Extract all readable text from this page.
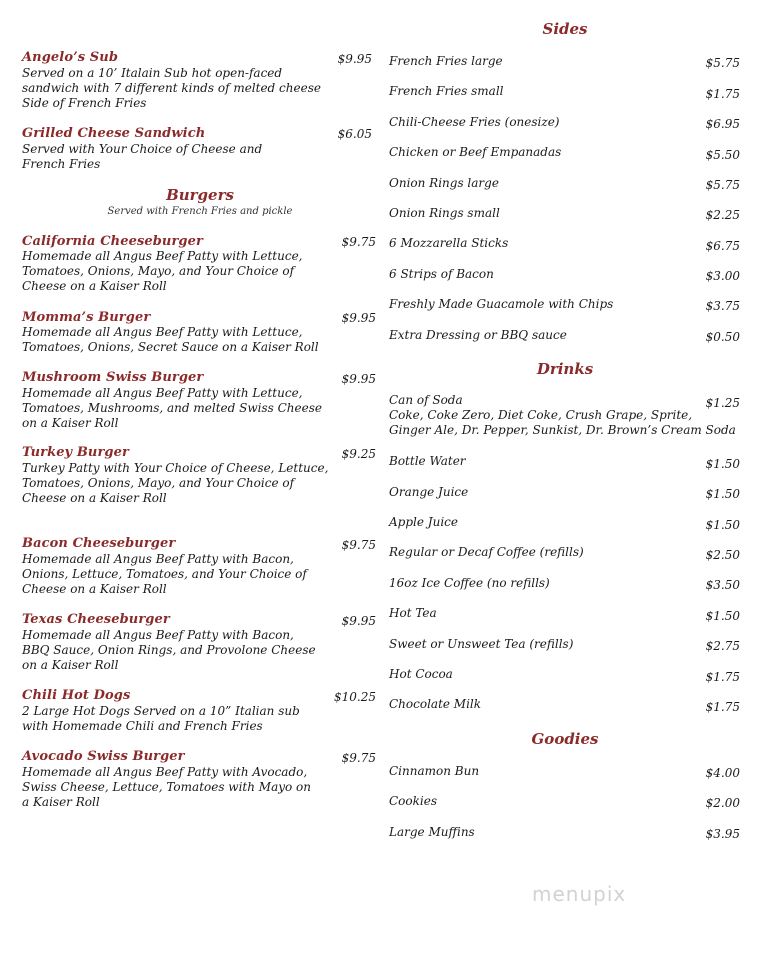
Angelo’s Sub	$9.95
Served on a 10’ Italain Sub hot open-faced
sandwich with 7 different kinds of melted cheese
Side of French Fries
Grilled Cheese Sandwich	$6.05
Served with Your Choice of Cheese and
French Fries
Burgers
Served with French Fries and pickle
California Cheeseburger	$9.75
Homemade all Angus Beef Patty with Lettuce,
Tomatoes, Onions, Mayo, and Your Choice of
Cheese on a Kaiser Roll
Momma’s Burger	$9.95
Homemade all Angus Beef Patty with Lettuce,
Tomatoes, Onions, Secret Sauce on a Kaiser Roll
Mushroom Swiss Burger	$9.95
Homemade all Angus Beef Patty with Lettuce,
Tomatoes, Mushrooms, and melted Swiss Cheese
on a Kaiser Roll
Turkey Burger	$9.25
Turkey Patty with Your Choice of Cheese, Lettuce,
Tomatoes, Onions, Mayo, and Your Choice of
Cheese on a Kaiser Roll
Bacon Cheeseburger	$9.75
Homemade all Angus Beef Patty with Bacon,
Onions, Lettuce, Tomatoes, and Your Choice of
Cheese on a Kaiser Roll
Texas Cheeseburger	$9.95
Homemade all Angus Beef Patty with Bacon,
BBQ Sauce, Onion Rings, and Provolone Cheese
on a Kaiser Roll
Chili Hot Dogs	$10.25
2 Large Hot Dogs Served on a 10” Italian sub
with Homemade Chili and French Fries
Avocado Swiss Burger	$9.75
Homemade all Angus Beef Patty with Avocado,
Swiss Cheese, Lettuce, Tomatoes with Mayo on
a Kaiser Roll
Sides
French Fries large	$5.75
French Fries small	$1.75
Chili-Cheese Fries (onesize)	$6.95
Chicken or Beef Empanadas	$5.50
Onion Rings large	$5.75
Onion Rings small	$2.25
6 Mozzarella Sticks	$6.75
6 Strips of Bacon	$3.00
Freshly Made Guacamole with Chips	$3.75
Extra Dressing or BBQ sauce	$0.50
Drinks
Can of Soda	$1.25
Coke, Coke Zero, Diet Coke, Crush Grape, Sprite,
Ginger Ale, Dr. Pepper, Sunkist, Dr. Brown’s Cream Soda
Bottle Water	$1.50
Orange Juice	$1.50
Apple Juice	$1.50
Regular or Decaf Coffee (refills)	$2.50
16oz Ice Coffee (no refills)	$3.50
Hot Tea	$1.50
Sweet or Unsweet Tea (refills)	$2.75
Hot Cocoa	$1.75
Chocolate Milk	$1.75
Goodies
Cinnamon Bun	$4.00
Cookies	$2.00
Large Muffins	$3.95
menupix
